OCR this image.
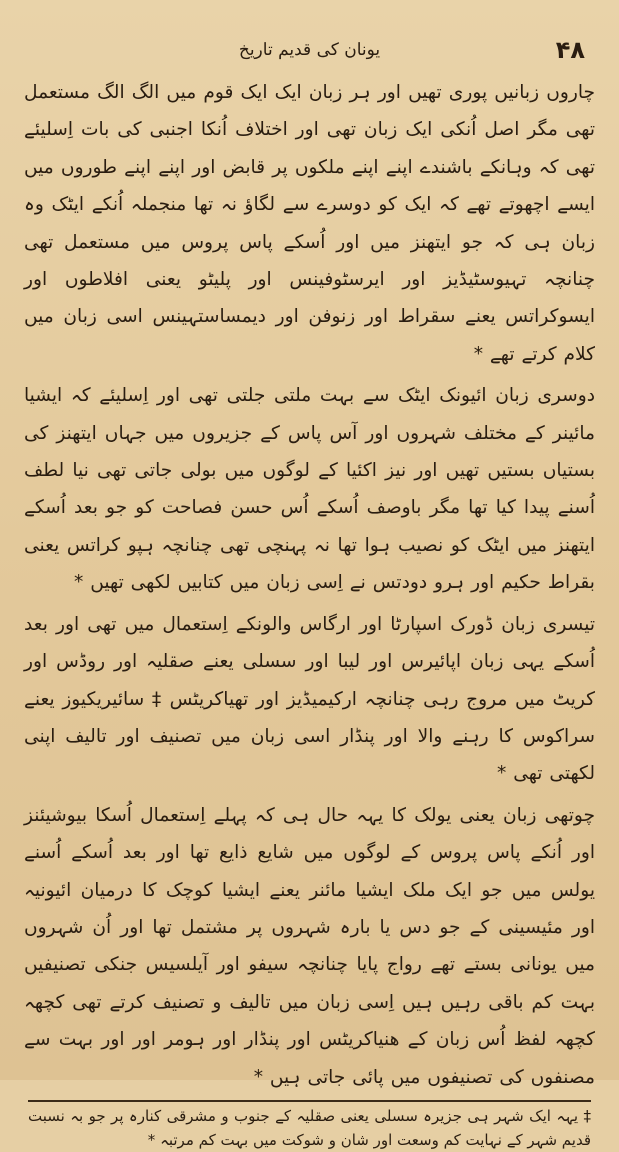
یونان کی قدیم تاریخ	۴۸

چاروں زبانیں پوری تھیں اور ہر زبان ایک ایک قوم میں الگ الگ مستعمل تھی مگر اصل اُنکی ایک زبان تھی اور اختلاف اُنکا اجنبی کی بات اِسلیئے تھی کہ وہانکے باشندے اپنے اپنے ملکوں پر قابض اور اپنے اپنے طوروں میں ایسے اچھوتے تھے کہ ایک کو دوسرے سے لگاؤ نہ تھا منجملہ اُنکے ایٹک وہ زبان ہی کہ جو ایتھنز میں اور اُسکے پاس پروس میں مستعمل تھی چنانچہ تہیوسٹیڈیز اور ایرسٹوفینس اور پلیٹو یعنی افلاطوں اور ایسوکراتس یعنے سقراط اور زنوفن اور دیمساستہینس اسی زبان میں کلام کرتے تھے *

دوسری زبان ائیونک ایٹک سے بہت ملتی جلتی تھی اور اِسلیئے کہ ایشیا مائینر کے مختلف شہروں اور آس پاس کے جزیروں میں جہاں ایتھنز کی بستیاں بستیں تھیں اور نیز اکئیا کے لوگوں میں بولی جاتی تھی نیا لطف اُسنے پیدا کیا تھا مگر باوصف اُسکے اُس حسن فصاحت کو جو بعد اُسکے ایتھنز میں ایٹک کو نصیب ہوا تھا نہ پہنچی تھی چنانچہ ہپو کراتس یعنی بقراط حکیم اور ہرو دودتس نے اِسی زبان میں کتابیں لکھی تھیں *

تیسری زبان ڈورک اسپارٹا اور ارگاس والونکے اِستعمال میں تھی اور بعد اُسکے یہی زبان اپائیرس اور لیبا اور سسلی یعنے صقلیہ اور روڈس اور کریٹ میں مروج رہی چنانچہ ارکیمیڈیز اور تھیاکریٹس ‡ سائیریکیوز یعنے سراکوس کا رہنے والا اور پنڈار اسی زبان میں تصنیف اور تالیف اپنی لکھتی تھی *

چوتھی زبان یعنی یولک کا یہہ حال ہی کہ پہلے اِستعمال اُسکا بیوشیئنز اور اُنکے پاس پروس کے لوگوں میں شایع ذایع تھا اور بعد اُسکے اُسنے یولس میں جو ایک ملک ایشیا مائنر یعنے ایشیا کوچک کا درمیان ائیونیہ اور مئیسینی کے جو دس یا بارہ شہروں پر مشتمل تھا اور اُن شہروں میں یونانی بستے تھے رواج پایا چنانچہ سیفو اور آیلسیس جنکی تصنیفیں بہت کم باقی رہیں ہیں اِسی زبان میں تالیف و تصنیف کرتے تھی کچھہ کچھہ لفظ اُس زبان کے ھنیاکریٹس اور پنڈار اور ہومر اور اور بہت سے مصنفوں کی تصنیفوں میں پائی جاتی ہیں *

‡ یہہ ایک شہر ہی جزیرہ سسلی یعنی صقلیہ کے جنوب و مشرقی کنارہ پر جو بہ نسبت قدیم شہر کے نہایت کم وسعت اور شان و شوکت میں بہت کم مرتبہ *
